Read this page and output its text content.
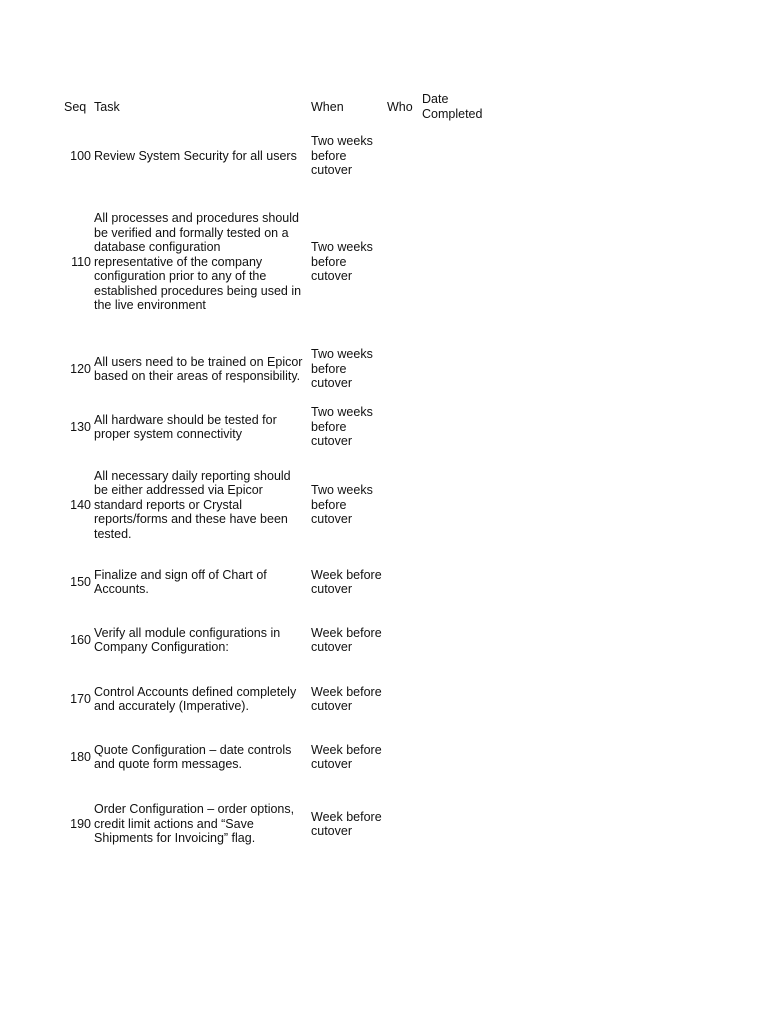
Seq Task	When	Who
Date
Completed
100 Review System Security for all users
Two weeks
before
cutover
110
All processes and procedures should
be verified and formally tested on a
database configuration
representative of the company
configuration prior to any of the
established procedures being used in
the live environment
Two weeks
before
cutover
120
All users need to be trained on Epicor
based on their areas of responsibility.
Two weeks
before
cutover
130
All hardware should be tested for
proper system connectivity
Two weeks
before
cutover
140
All necessary daily reporting should
be either addressed via Epicor
standard reports or Crystal
reports/forms and these have been
tested.
Two weeks
before
cutover
150
Finalize and sign off of Chart of
Accounts.
Week before
cutover
160
Verify all module configurations in
Company Configuration:
Week before
cutover
170
Control Accounts defined completely
and accurately (Imperative).
Week before
cutover
180
Quote Configuration – date controls
and quote form messages.
Week before
cutover
190
Order Configuration – order options,
credit limit actions and “Save
Shipments for Invoicing” flag.
Week before
cutover
